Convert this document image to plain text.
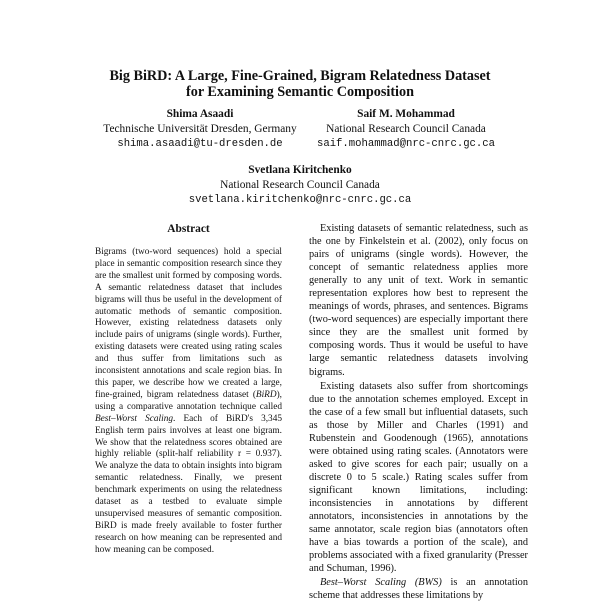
Big BiRD: A Large, Fine-Grained, Bigram Relatedness Dataset
for Examining Semantic Composition
Shima Asaadi
Technische Universität Dresden, Germany
shima.asaadi@tu-dresden.de
Saif M. Mohammad
National Research Council Canada
saif.mohammad@nrc-cnrc.gc.ca
Svetlana Kiritchenko
National Research Council Canada
svetlana.kiritchenko@nrc-cnrc.gc.ca
Abstract

Bigrams (two-word sequences) hold a special place in semantic composition research since they are the smallest unit formed by composing words. A semantic relatedness dataset that includes bigrams will thus be useful in the development of automatic methods of semantic composition. However, existing relatedness datasets only include pairs of unigrams (single words). Further, existing datasets were created using rating scales and thus suffer from limitations such as inconsistent annotations and scale region bias. In this paper, we describe how we created a large, fine-grained, bigram relatedness dataset (BiRD), using a comparative annotation technique called Best–Worst Scaling. Each of BiRD's 3,345 English term pairs involves at least one bigram. We show that the relatedness scores obtained are highly reliable (split-half reliability r = 0.937). We analyze the data to obtain insights into bigram semantic relatedness. Finally, we present benchmark experiments on using the relatedness dataset as a testbed to evaluate simple unsupervised measures of semantic composition. BiRD is made freely available to foster further research on how meaning can be represented and how meaning can be composed.

Existing datasets of semantic relatedness, such as the one by Finkelstein et al. (2002), only focus on pairs of unigrams (single words). However, the concept of semantic relatedness applies more generally to any unit of text. Work in semantic representation explores how best to represent the meanings of words, phrases, and sentences. Bigrams (two-word sequences) are especially important there since they are the smallest unit formed by composing words. Thus it would be useful to have large semantic relatedness datasets involving bigrams.

Existing datasets also suffer from shortcomings due to the annotation schemes employed. Except in the case of a few small but influential datasets, such as those by Miller and Charles (1991) and Rubenstein and Goodenough (1965), annotations were obtained using rating scales. (Annotators were asked to give scores for each pair; usually on a discrete 0 to 5 scale.) Rating scales suffer from significant known limitations, including: inconsistencies in annotations by different annotators, inconsistencies in annotations by the same annotator, scale region bias (annotators often have a bias towards a portion of the scale), and problems associated with a fixed granularity (Presser and Schuman, 1996).

Best–Worst Scaling (BWS) is an annotation scheme that addresses these limitations by
